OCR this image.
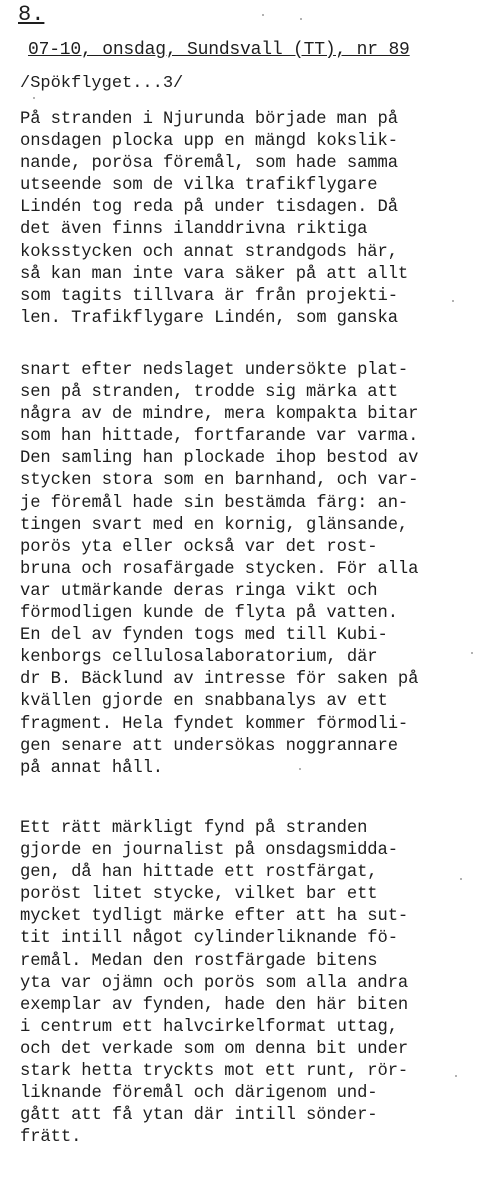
8.
07-10, onsdag, Sundsvall (TT), nr 89
/Spökflyget...3/
På stranden i Njurunda började man på
onsdagen plocka upp en mängd kokslik-
nande, porösa föremål, som hade samma
utseende som de vilka trafikflygare
Lindén tog reda på under tisdagen. Då
det även finns ilanddrivna riktiga
koksstycken och annat strandgods här,
så kan man inte vara säker på att allt
som tagits tillvara är från projekti-
len. Trafikflygare Lindén, som ganska
snart efter nedslaget undersökte plat-
sen på stranden, trodde sig märka att
några av de mindre, mera kompakta bitar
som han hittade, fortfarande var varma.
Den samling han plockade ihop bestod av
stycken stora som en barnhand, och var-
je föremål hade sin bestämda färg: an-
tingen svart med en kornig, glänsande,
porös yta eller också var det rost-
bruna och rosafärgade stycken. För alla
var utmärkande deras ringa vikt och
förmodligen kunde de flyta på vatten.
En del av fynden togs med till Kubi-
kenborgs cellulosalaboratorium, där
dr B. Bäcklund av intresse för saken på
kvällen gjorde en snabbanalys av ett
fragment. Hela fyndet kommer förmodli-
gen senare att undersökas noggrannare
på annat håll.
Ett rätt märkligt fynd på stranden
gjorde en journalist på onsdagsmidda-
gen, då han hittade ett rostfärgat,
poröst litet stycke, vilket bar ett
mycket tydligt märke efter att ha sut-
tit intill något cylinderliknande fö-
remål. Medan den rostfärgade bitens
yta var ojämn och porös som alla andra
exemplar av fynden, hade den här biten
i centrum ett halvcirkelformat uttag,
och det verkade som om denna bit under
stark hetta tryckts mot ett runt, rör-
liknande föremål och därigenom und-
gått att få ytan där intill sönder-
frätt.
